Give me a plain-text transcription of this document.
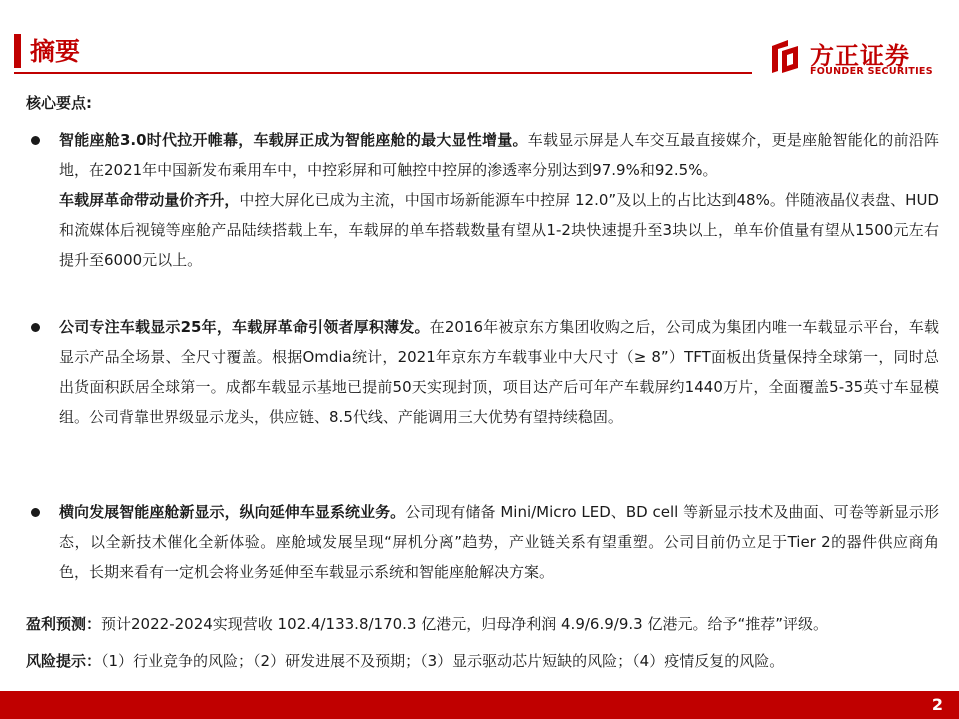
摘要	方正证券
FOUNDER SECURITIES
核心要点:
智能座舱3.0时代拉开帷幕，车载屏正成为智能座舱的最大显性增量。车载显示屏是人车交互最直接媒介，更是座舱智能化的前沿阵地，在2021年中国新发布乘用车中，中控彩屏和可触控中控屏的渗透率分别达到97.9%和92.5%。
车载屏革命带动量价齐升，中控大屏化已成为主流，中国市场新能源车中控屏 12.0”及以上的占比达到48%。伴随液晶仪表盘、HUD和流媒体后视镜等座舱产品陆续搭载上车，车载屏的单车搭载数量有望从1-2块快速提升至3块以上，单车价值量有望从1500元左右提升至6000元以上。
公司专注车载显示25年，车载屏革命引领者厚积薄发。在2016年被京东方集团收购之后，公司成为集团内唯一车载显示平台，车载显示产品全场景、全尺寸覆盖。根据Omdia统计，2021年京东方车载事业中大尺寸（≥ 8”）TFT面板出货量保持全球第一，同时总出货面积跃居全球第一。成都车载显示基地已提前50天实现封顶，项目达产后可年产车载屏约1440万片，全面覆盖5-35英寸车显模组。公司背靠世界级显示龙头，供应链、8.5代线、产能调用三大优势有望持续稳固。
横向发展智能座舱新显示，纵向延伸车显系统业务。公司现有储备 Mini/Micro LED、BD cell 等新显示技术及曲面、可卷等新显示形态，以全新技术催化全新体验。座舱域发展呈现“屏机分离”趋势，产业链关系有望重塑。公司目前仍立足于Tier 2的器件供应商角色，长期来看有一定机会将业务延伸至车载显示系统和智能座舱解决方案。
盈利预测：预计2022-2024实现营收 102.4/133.8/170.3 亿港元，归母净利润 4.9/6.9/9.3 亿港元。给予“推荐”评级。
风险提示：（1）行业竞争的风险；（2）研发进展不及预期；（3）显示驱动芯片短缺的风险；（4）疫情反复的风险。
2
